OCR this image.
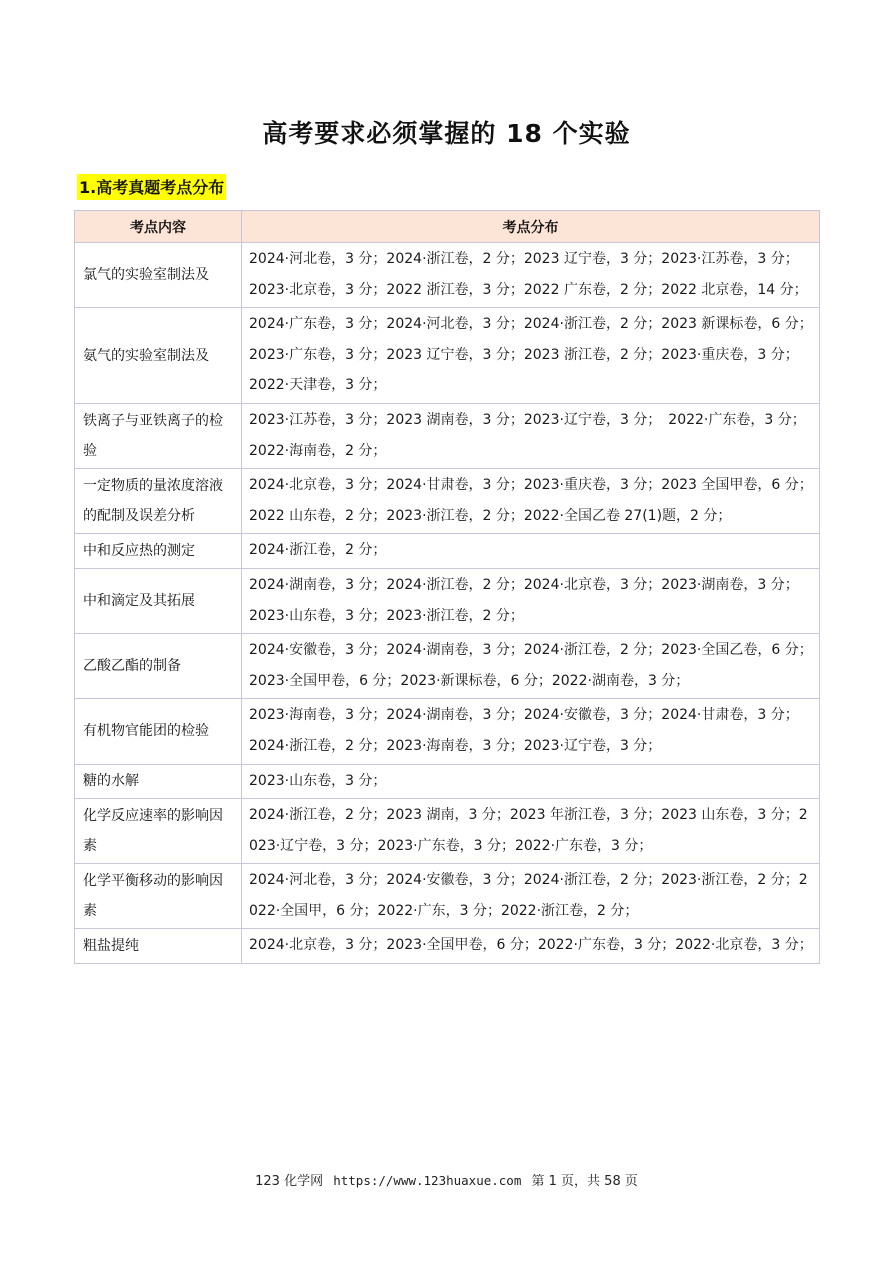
高考要求必须掌握的 18 个实验
1.高考真题考点分布
考点内容	考点分布
氯气的实验室制法及	2024·河北卷，3 分；2024·浙江卷，2 分；2023 辽宁卷，3 分；2023·江苏卷，3 分；
2023·北京卷，3 分；2022 浙江卷，3 分；2022 广东卷，2 分；2022 北京卷，14 分；

氨气的实验室制法及	2024·广东卷，3 分；2024·河北卷，3 分；2024·浙江卷，2 分；2023 新课标卷，6 分；2023·广东卷，3 分；2023 辽宁卷，3 分；2023 浙江卷，2 分；2023·重庆卷，3 分；
2022·天津卷，3 分；

铁离子与亚铁离子的检验	2023·江苏卷，3 分；2023 湖南卷，3 分；2023·辽宁卷，3 分；　2022·广东卷，3 分；2022·海南卷，2 分；

一定物质的量浓度溶液的配制及误差分析	2024·北京卷，3 分；2024·甘肃卷，3 分；2023·重庆卷，3 分；2023 全国甲卷，6 分；2022 山东卷，2 分；2023·浙江卷，2 分；2022·全国乙卷 27(1)题，2 分；

中和反应热的测定	2024·浙江卷，2 分；

中和滴定及其拓展	2024·湖南卷，3 分；2024·浙江卷，2 分；2024·北京卷，3 分；2023·湖南卷，3 分；
2023·山东卷，3 分；2023·浙江卷，2 分；

乙酸乙酯的制备	2024·安徽卷，3 分；2024·湖南卷，3 分；2024·浙江卷，2 分；2023·全国乙卷，6 分；2023·全国甲卷，6 分；2023·新课标卷，6 分；2022·湖南卷，3 分；

有机物官能团的检验	2023·海南卷，3 分；2024·湖南卷，3 分；2024·安徽卷，3 分；2024·甘肃卷，3 分；
2024·浙江卷，2 分；2023·海南卷，3 分；2023·辽宁卷，3 分；

糖的水解	2023·山东卷，3 分；

化学反应速率的影响因素	2024·浙江卷，2 分；2023 湖南，3 分；2023 年浙江卷，3 分；2023 山东卷，3 分；2023·辽宁卷，3 分；2023·广东卷，3 分；2022·广东卷，3 分；

化学平衡移动的影响因素	2024·河北卷，3 分；2024·安徽卷，3 分；2024·浙江卷，2 分；2023·浙江卷，2 分；2022·全国甲，6 分；2022·广东，3 分；2022·浙江卷，2 分；

粗盐提纯	2024·北京卷，3 分；2023·全国甲卷，6 分；2022·广东卷，3 分；2022·北京卷，3 分；
123 化学网 https://www.123huaxue.com 第 1 页，共 58 页
